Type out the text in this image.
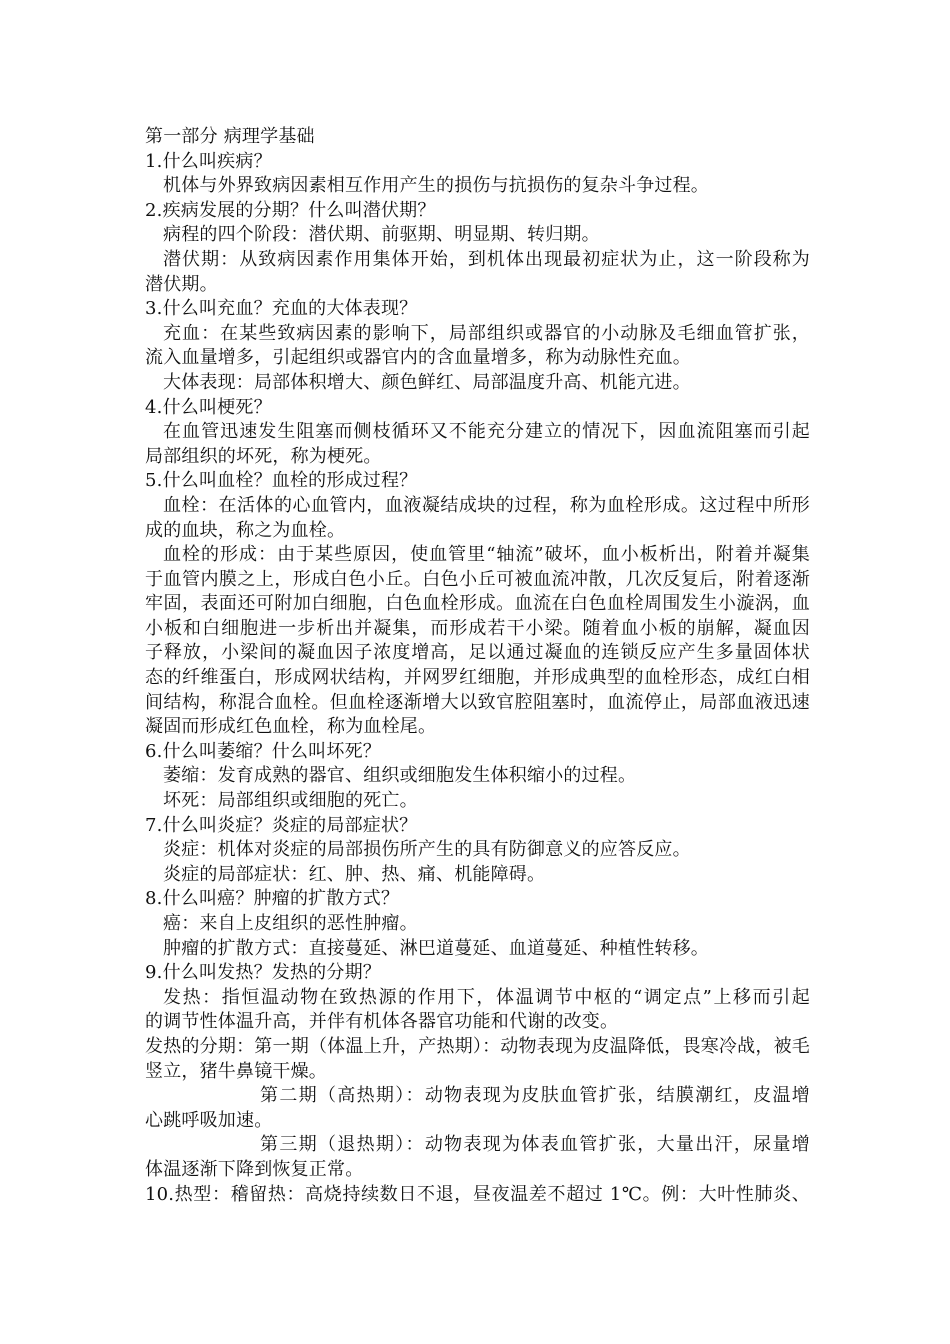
第一部分 病理学基础
1.什么叫疾病？
机体与外界致病因素相互作用产生的损伤与抗损伤的复杂斗争过程。
2.疾病发展的分期？什么叫潜伏期？
病程的四个阶段：潜伏期、前驱期、明显期、转归期。
潜伏期：从致病因素作用集体开始，到机体出现最初症状为止，这一阶段称为
潜伏期。
3.什么叫充血？充血的大体表现？
充血：在某些致病因素的影响下，局部组织或器官的小动脉及毛细血管扩张，
流入血量增多，引起组织或器官内的含血量增多，称为动脉性充血。
大体表现：局部体积增大、颜色鲜红、局部温度升高、机能亢进。
4.什么叫梗死？
在血管迅速发生阻塞而侧枝循环又不能充分建立的情况下，因血流阻塞而引起
局部组织的坏死，称为梗死。
5.什么叫血栓？血栓的形成过程？
血栓：在活体的心血管内，血液凝结成块的过程，称为血栓形成。这过程中所形
成的血块，称之为血栓。
血栓的形成：由于某些原因，使血管里“轴流”破坏，血小板析出，附着并凝集
于血管内膜之上，形成白色小丘。白色小丘可被血流冲散，几次反复后，附着逐渐
牢固，表面还可附加白细胞，白色血栓形成。血流在白色血栓周围发生小漩涡，血
小板和白细胞进一步析出并凝集，而形成若干小梁。随着血小板的崩解，凝血因
子释放，小梁间的凝血因子浓度增高，足以通过凝血的连锁反应产生多量固体状
态的纤维蛋白，形成网状结构，并网罗红细胞，并形成典型的血栓形态，成红白相
间结构，称混合血栓。但血栓逐渐增大以致官腔阻塞时，血流停止，局部血液迅速
凝固而形成红色血栓，称为血栓尾。
6.什么叫萎缩？什么叫坏死？
萎缩：发育成熟的器官、组织或细胞发生体积缩小的过程。
坏死：局部组织或细胞的死亡。
7.什么叫炎症？炎症的局部症状？
炎症：机体对炎症的局部损伤所产生的具有防御意义的应答反应。
炎症的局部症状：红、肿、热、痛、机能障碍。
8.什么叫癌？肿瘤的扩散方式？
癌：来自上皮组织的恶性肿瘤。
肿瘤的扩散方式：直接蔓延、淋巴道蔓延、血道蔓延、种植性转移。
9.什么叫发热？发热的分期？
发热：指恒温动物在致热源的作用下，体温调节中枢的“调定点”上移而引起
的调节性体温升高，并伴有机体各器官功能和代谢的改变。
发热的分期：第一期（体温上升，产热期）：动物表现为皮温降低，畏寒冷战，被毛
竖立，猪牛鼻镜干燥。
第二期（高热期）：动物表现为皮肤血管扩张，结膜潮红，皮温增
心跳呼吸加速。
第三期（退热期）：动物表现为体表血管扩张，大量出汗，尿量增
体温逐渐下降到恢复正常。
10.热型：稽留热：高烧持续数日不退，昼夜温差不超过 1℃。例：大叶性肺炎、
